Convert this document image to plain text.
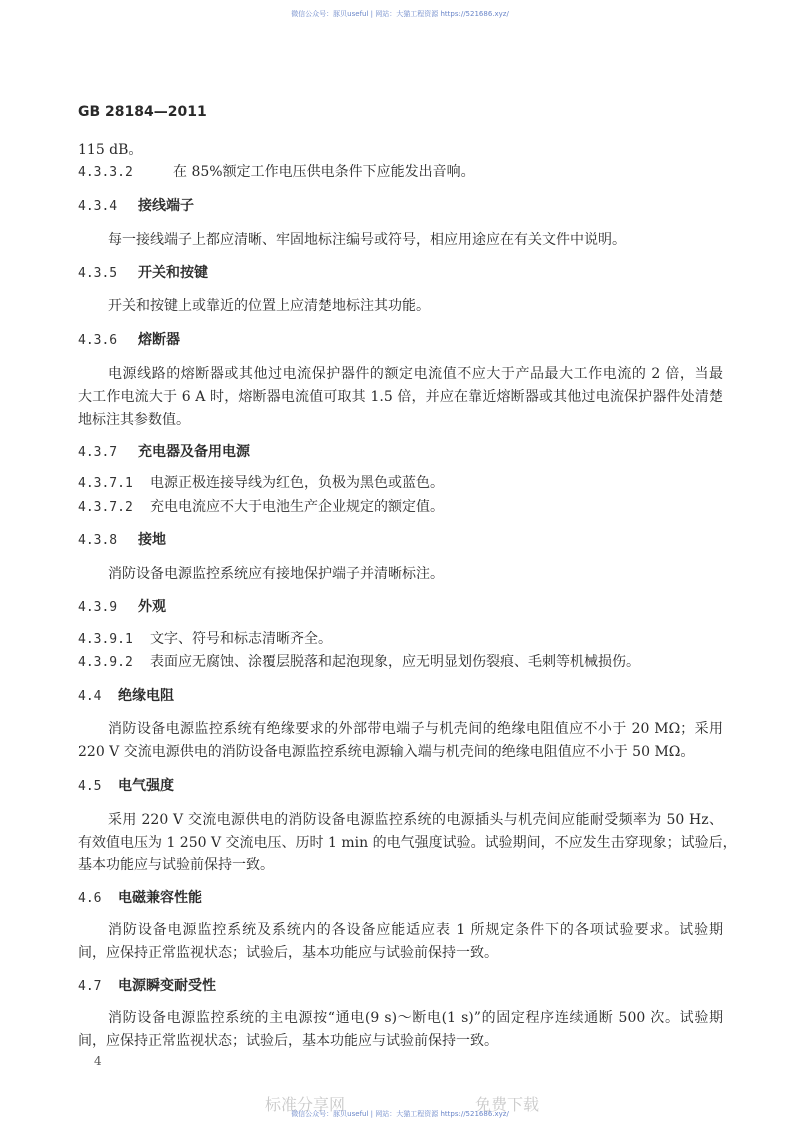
微信公众号：豚贝useful | 网站：大猫工程资源 https://521686.xyz/
GB 28184—2011
115 dB。
4.3.3.2	在 85%额定工作电压供电条件下应能发出音响。
4.3.4 接线端子
每一接线端子上都应清晰、牢固地标注编号或符号，相应用途应在有关文件中说明。
4.3.5 开关和按键
开关和按键上或靠近的位置上应清楚地标注其功能。
4.3.6 熔断器
电源线路的熔断器或其他过电流保护器件的额定电流值不应大于产品最大工作电流的 2 倍，当最
大工作电流大于 6 A 时，熔断器电流值可取其 1.5 倍，并应在靠近熔断器或其他过电流保护器件处清楚
地标注其参数值。
4.3.7 充电器及备用电源
4.3.7.1 电源正极连接导线为红色，负极为黑色或蓝色。
4.3.7.2 充电电流应不大于电池生产企业规定的额定值。
4.3.8 接地
消防设备电源监控系统应有接地保护端子并清晰标注。
4.3.9 外观
4.3.9.1 文字、符号和标志清晰齐全。
4.3.9.2 表面应无腐蚀、涂覆层脱落和起泡现象，应无明显划伤裂痕、毛刺等机械损伤。
4.4 绝缘电阻
消防设备电源监控系统有绝缘要求的外部带电端子与机壳间的绝缘电阻值应不小于 20 MΩ；采用
220 V 交流电源供电的消防设备电源监控系统电源输入端与机壳间的绝缘电阻值应不小于 50 MΩ。
4.5 电气强度
采用 220 V 交流电源供电的消防设备电源监控系统的电源插头与机壳间应能耐受频率为 50 Hz、
有效值电压为 1 250 V 交流电压、历时 1 min 的电气强度试验。试验期间，不应发生击穿现象；试验后，
基本功能应与试验前保持一致。
4.6 电磁兼容性能
消防设备电源监控系统及系统内的各设备应能适应表 1 所规定条件下的各项试验要求。试验期
间，应保持正常监视状态；试验后，基本功能应与试验前保持一致。
4.7 电源瞬变耐受性
消防设备电源监控系统的主电源按“通电(9 s)～断电(1 s)”的固定程序连续通断 500 次。试验期
间，应保持正常监视状态；试验后，基本功能应与试验前保持一致。
4
标准分享网	免费下载
微信公众号：豚贝useful | 网站：大猫工程资源 https://521686.xyz/
